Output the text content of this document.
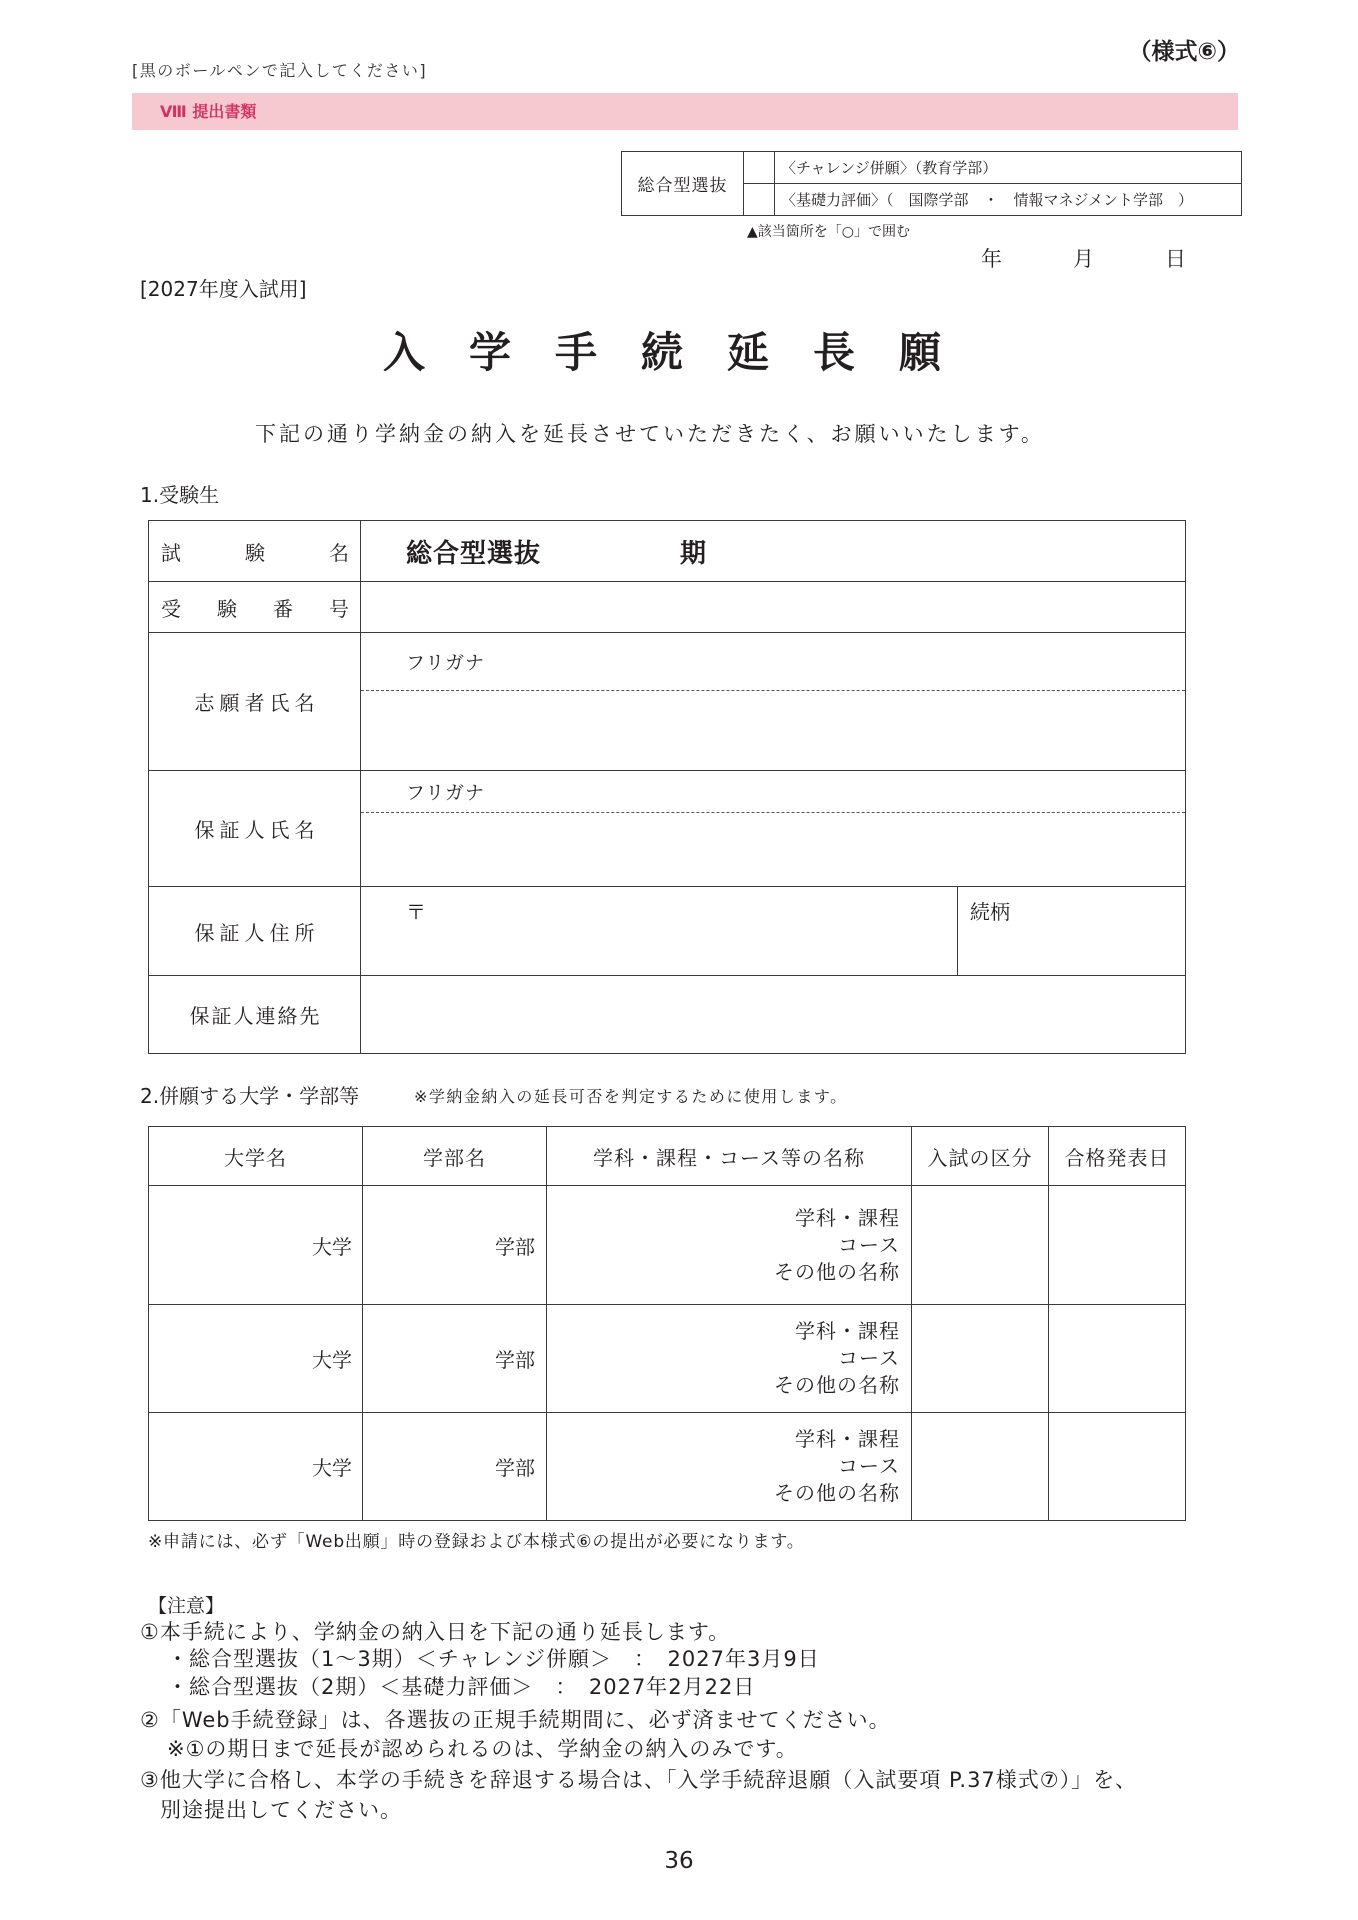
[黒のボールペンで記入してください]
（様式⑥）
Ⅷ 提出書類
総合型選抜		〈チャレンジ併願〉（教育学部）
		〈基礎力評価〉（　国際学部　・　情報マネジメント学部　）
▲該当箇所を「○」で囲む
年	月	日
[2027年度入試用]
入学手続延長願
下記の通り学納金の納入を延長させていただきたく、お願いいたします。
1.受験生
試験名	総合型選抜 期	
受験番号		
志願者氏名	フリガナ	

保証人氏名	フリガナ	

保証人住所	〒	続柄
保証人連絡先		
2.併願する大学・学部等	※学納金納入の延長可否を判定するために使用します。
大学名	学部名	学科・課程・コース等の名称	入試の区分	合格発表日
大学	学部	学科・課程
コース
その他の名称		

大学	学部	学科・課程
コース
その他の名称		

大学	学部	学科・課程
コース
その他の名称		

※申請には、必ず「Web出願」時の登録および本様式⑥の提出が必要になります。
【注意】
①本手続により、学納金の納入日を下記の通り延長します。
・総合型選抜（1〜3期）＜チャレンジ併願＞　：　2027年3月9日
・総合型選抜（2期）＜基礎力評価＞　：　2027年2月22日
②「Web手続登録」は、各選抜の正規手続期間に、必ず済ませてください。
※①の期日まで延長が認められるのは、学納金の納入のみです。
③他大学に合格し、本学の手続きを辞退する場合は、「入学手続辞退願（入試要項 P.37様式⑦）」を、
別途提出してください。
36
